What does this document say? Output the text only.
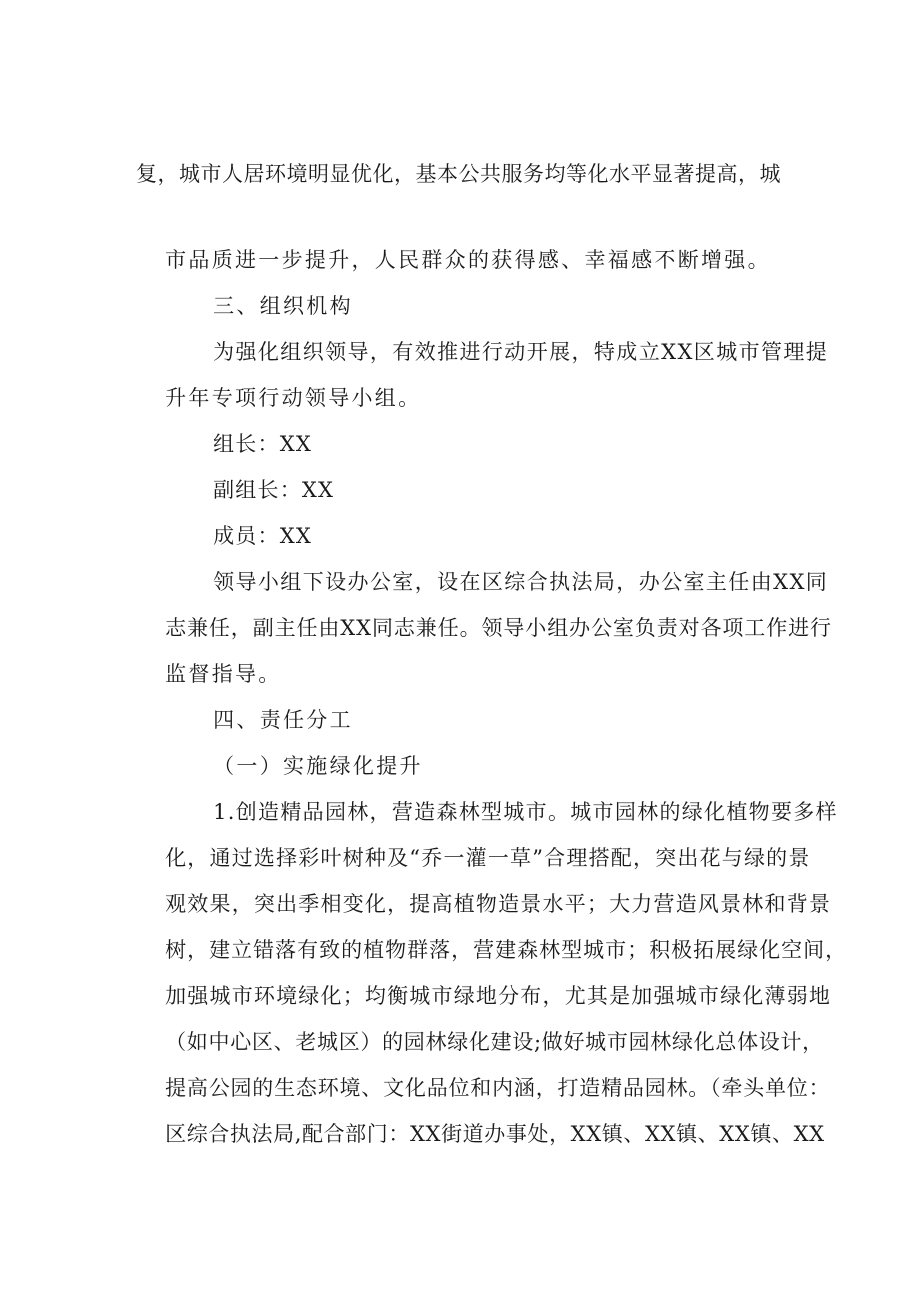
复，城市人居环境明显优化，基本公共服务均等化水平显著提高，城

市品质进一步提升，人民群众的获得感、幸福感不断增强。

三、组织机构

为强化组织领导，有效推进行动开展，特成立XX区城市管理提

升年专项行动领导小组。

组长：XX

副组长：XX

成员：XX

领导小组下设办公室，设在区综合执法局，办公室主任由XX同

志兼任，副主任由XX同志兼任。领导小组办公室负责对各项工作进行

监督指导。

四、责任分工

（一）实施绿化提升

1.创造精品园林，营造森林型城市。城市园林的绿化植物要多样

化，通过选择彩叶树种及“乔一灌一草”合理搭配，突出花与绿的景

观效果，突出季相变化，提高植物造景水平；大力营造风景林和背景

树，建立错落有致的植物群落，营建森林型城市；积极拓展绿化空间，

加强城市环境绿化；均衡城市绿地分布，尤其是加强城市绿化薄弱地

（如中心区、老城区）的园林绿化建设;做好城市园林绿化总体设计，

提高公园的生态环境、文化品位和内涵，打造精品园林。（牵头单位：

区综合执法局,配合部门：XX街道办事处，XX镇、XX镇、XX镇、XX
